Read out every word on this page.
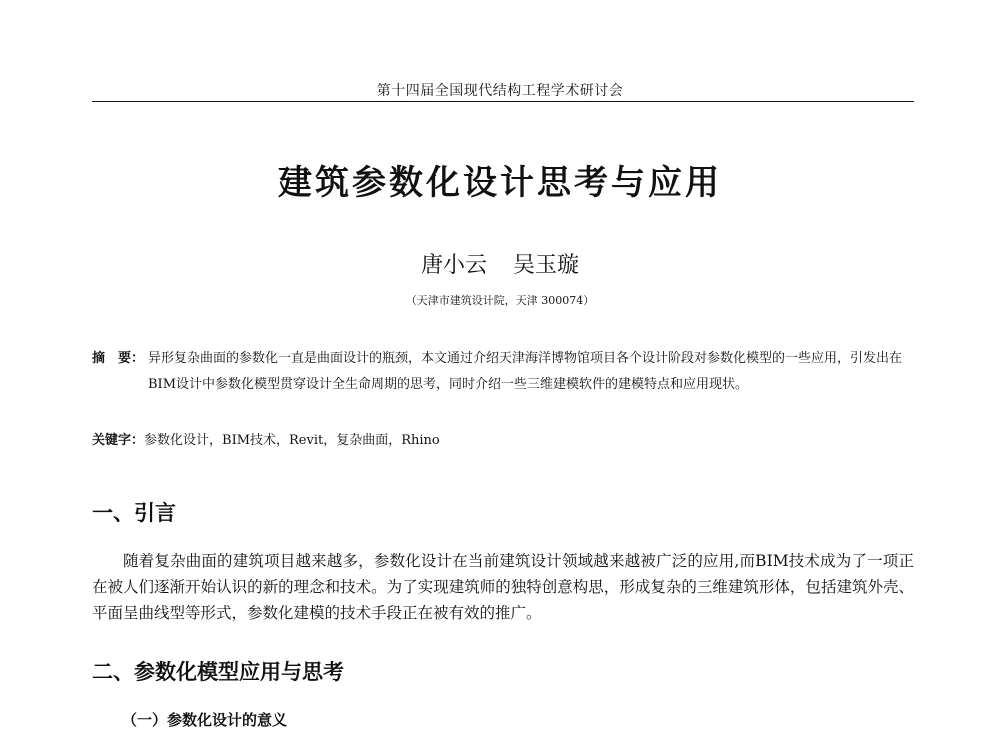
第十四届全国现代结构工程学术研讨会
建筑参数化设计思考与应用
唐小云 吴玉璇
（天津市建筑设计院，天津 300074）
摘　要： 异形复杂曲面的参数化一直是曲面设计的瓶颈，本文通过介绍天津海洋博物馆项目各个设计阶段对参数化模型的一些应用，引发出在BIM设计中参数化模型贯穿设计全生命周期的思考，同时介绍一些三维建模软件的建模特点和应用现状。
关键字：参数化设计，BIM技术，Revit，复杂曲面，Rhino
一、引言
随着复杂曲面的建筑项目越来越多，参数化设计在当前建筑设计领域越来越被广泛的应用,而BIM技术成为了一项正在被人们逐渐开始认识的新的理念和技术。为了实现建筑师的独特创意构思，形成复杂的三维建筑形体，包括建筑外壳、平面呈曲线型等形式，参数化建模的技术手段正在被有效的推广。
二、参数化模型应用与思考
（一）参数化设计的意义
